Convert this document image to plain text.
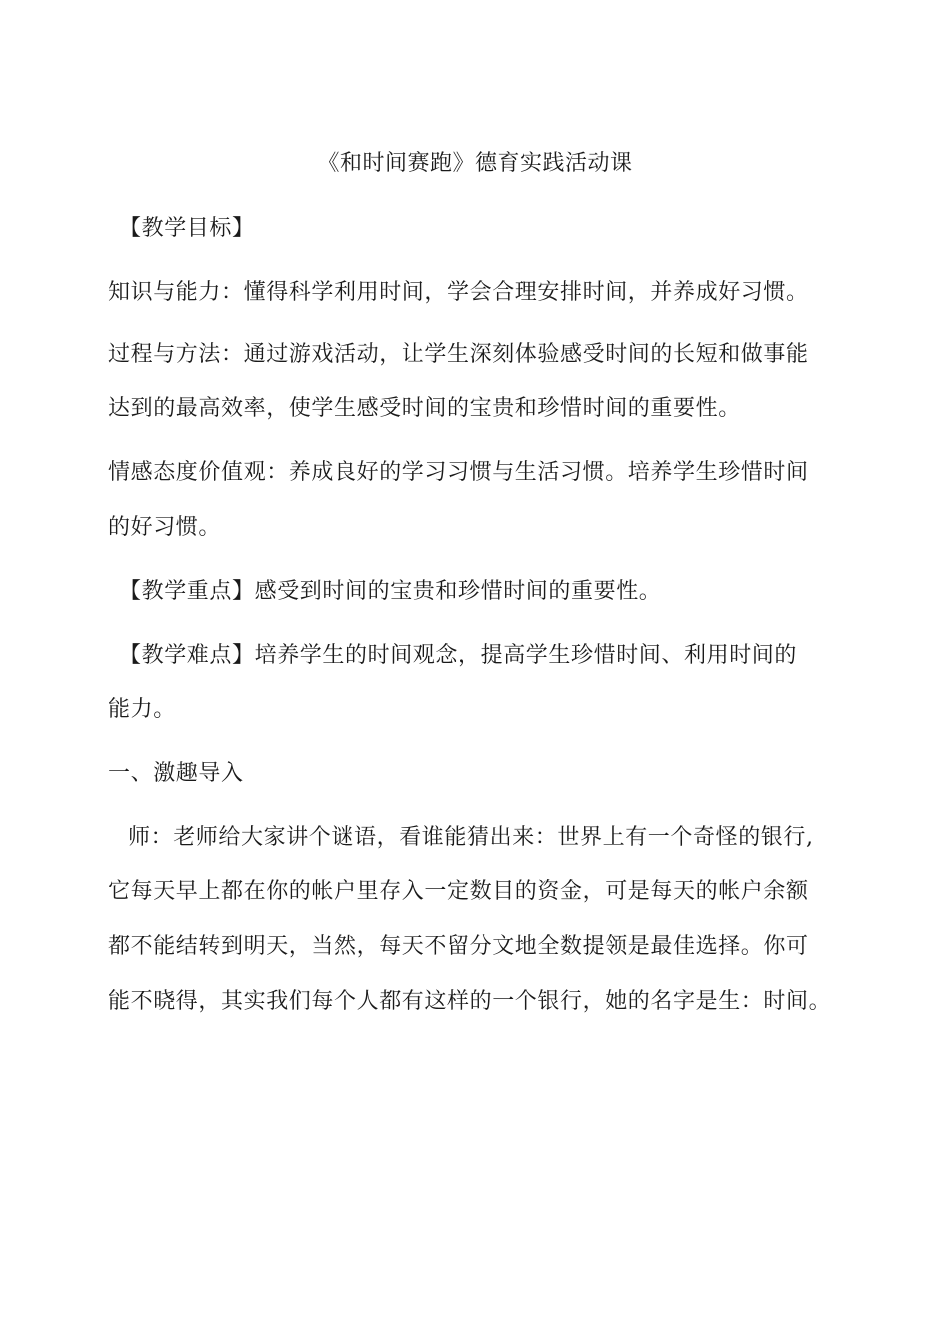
《和时间赛跑》德育实践活动课
【教学目标】
知识与能力：懂得科学利用时间，学会合理安排时间，并养成好习惯。
过程与方法：通过游戏活动，让学生深刻体验感受时间的长短和做事能
达到的最高效率，使学生感受时间的宝贵和珍惜时间的重要性。
情感态度价值观：养成良好的学习习惯与生活习惯。培养学生珍惜时间
的好习惯。
【教学重点】感受到时间的宝贵和珍惜时间的重要性。
【教学难点】培养学生的时间观念，提高学生珍惜时间、利用时间的
能力。
一、激趣导入
师：老师给大家讲个谜语，看谁能猜出来：世界上有一个奇怪的银行,
它每天早上都在你的帐户里存入一定数目的资金，可是每天的帐户余额
都不能结转到明天，当然，每天不留分文地全数提领是最佳选择。你可
能不晓得，其实我们每个人都有这样的一个银行，她的名字是生：时间。
